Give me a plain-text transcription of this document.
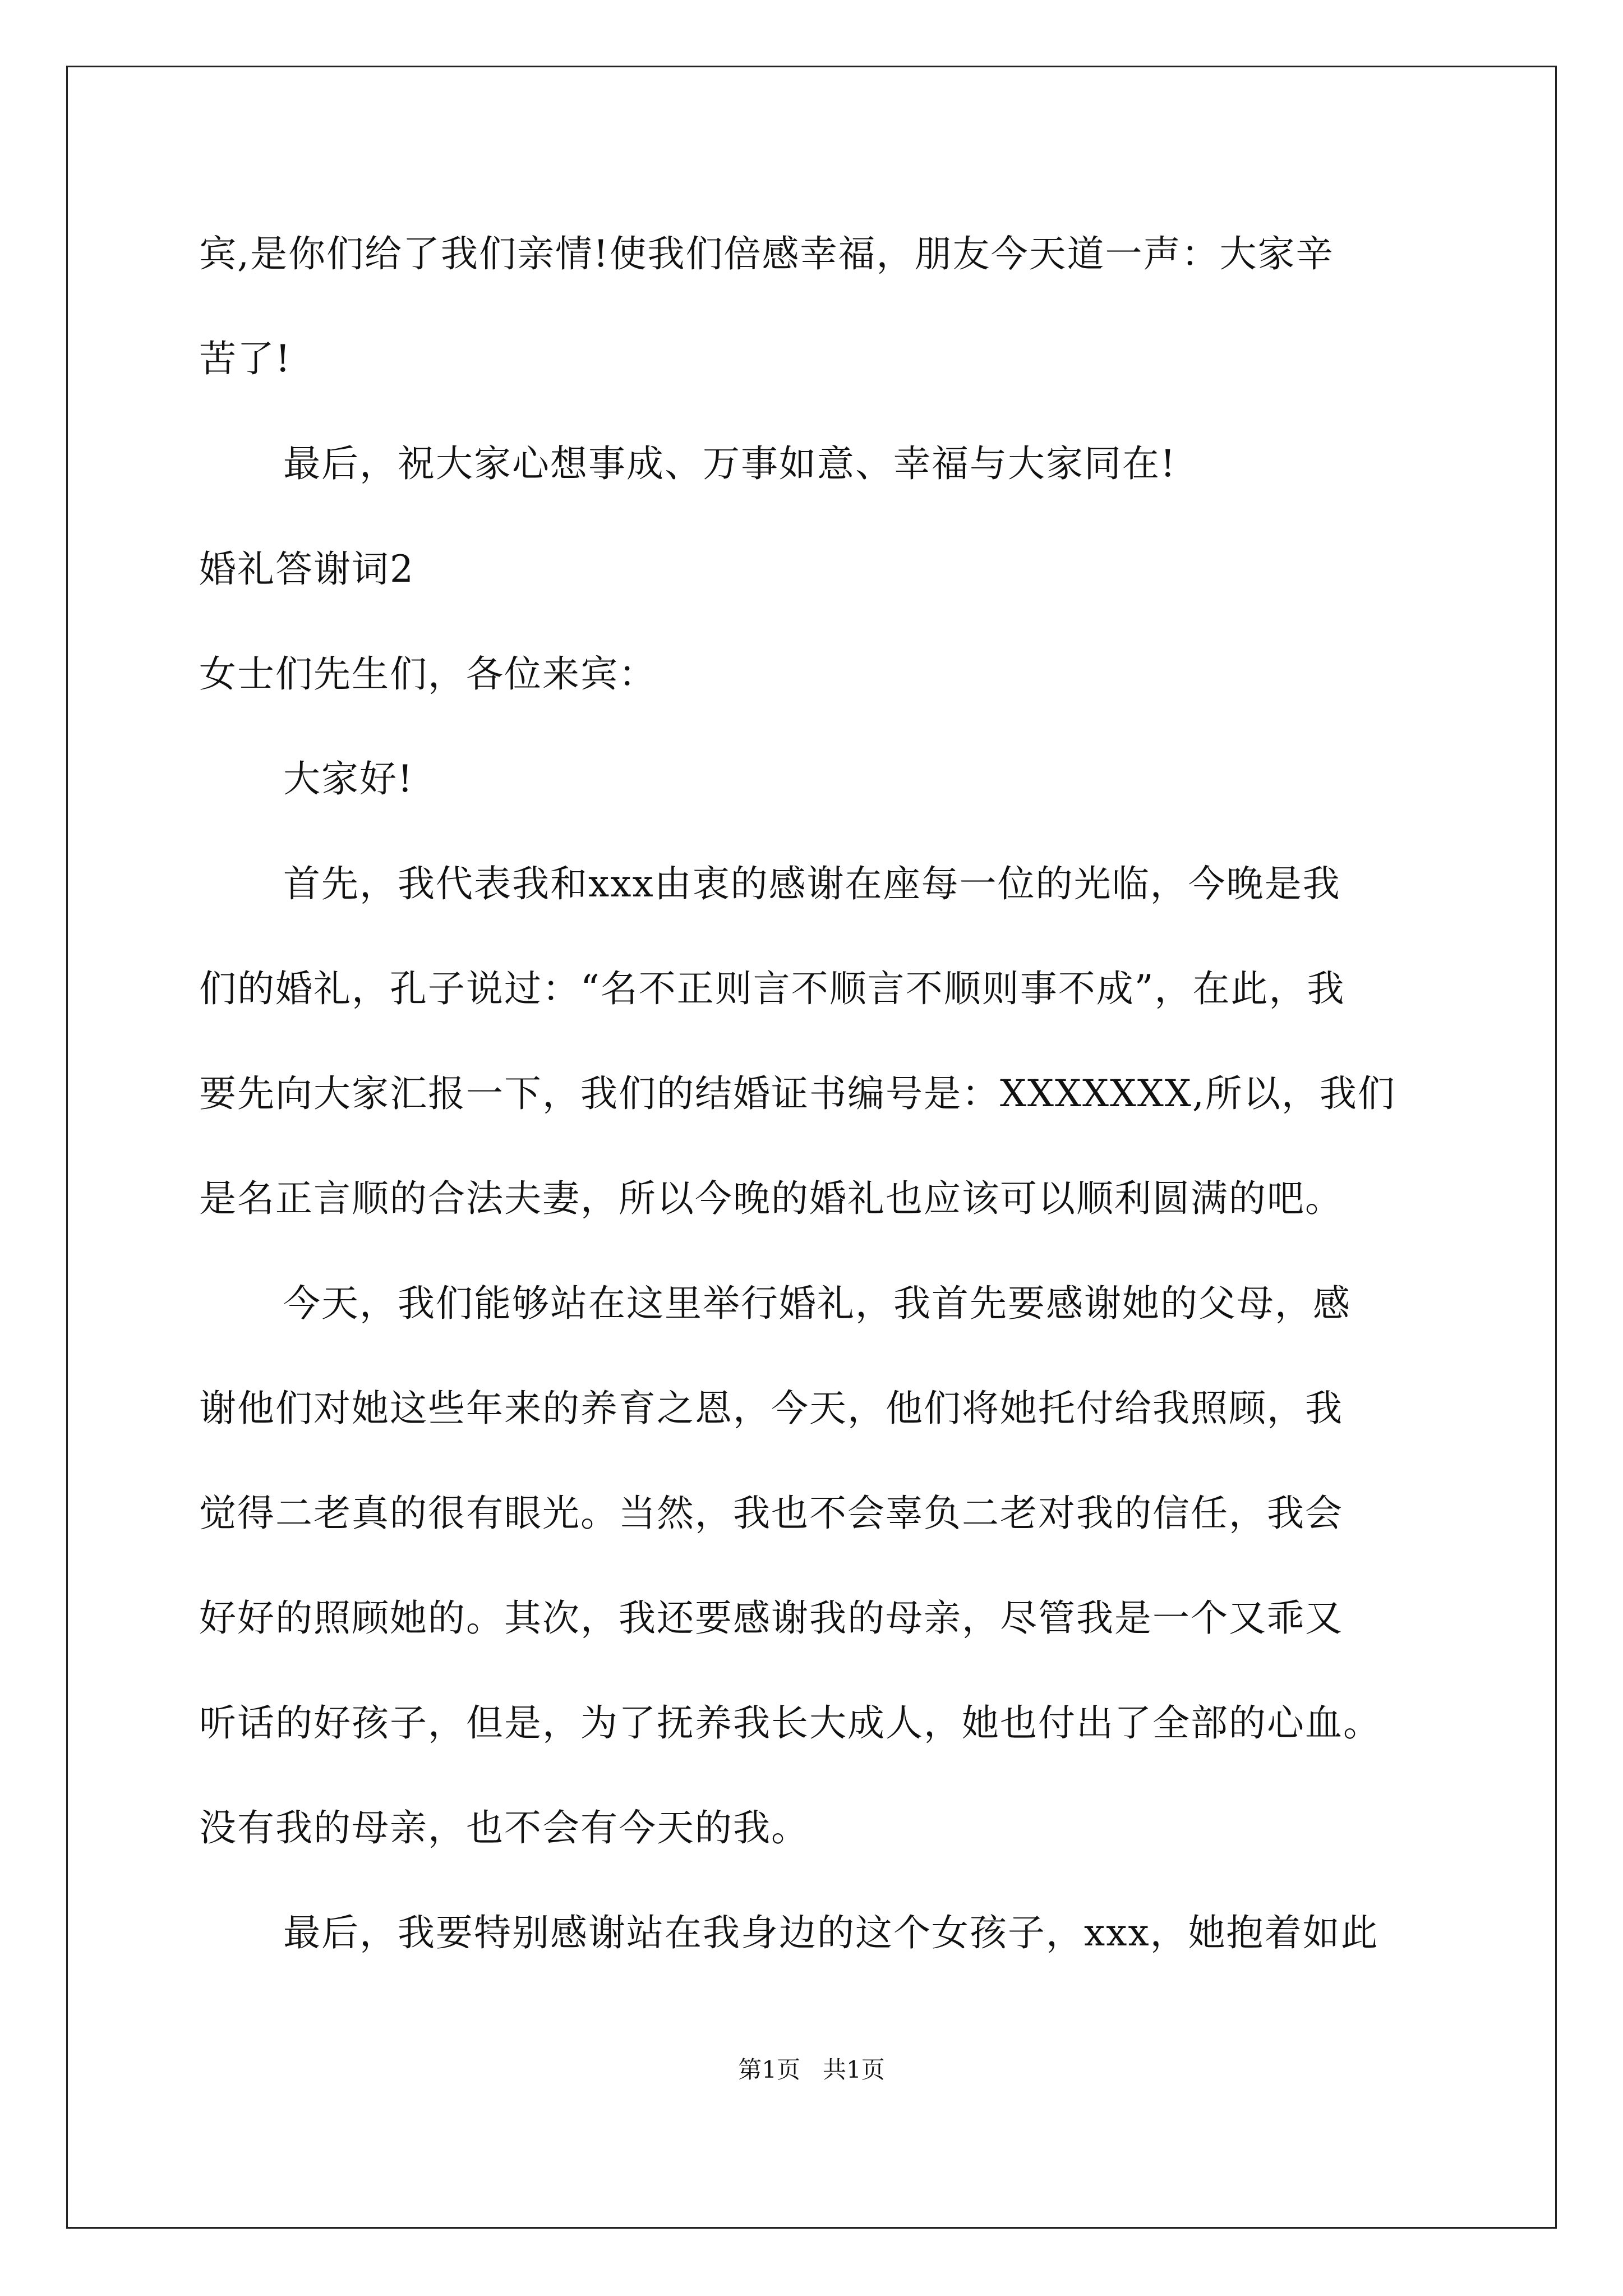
宾,是你们给了我们亲情!使我们倍感幸福，朋友今天道一声：大家辛
苦了!
最后，祝大家心想事成、万事如意、幸福与大家同在!
婚礼答谢词2
女士们先生们，各位来宾：
大家好!
首先，我代表我和xxx由衷的感谢在座每一位的光临，今晚是我
们的婚礼，孔子说过：“名不正则言不顺言不顺则事不成”，在此，我
要先向大家汇报一下，我们的结婚证书编号是：XXXXXXX,所以，我们
是名正言顺的合法夫妻，所以今晚的婚礼也应该可以顺利圆满的吧。
今天，我们能够站在这里举行婚礼，我首先要感谢她的父母，感
谢他们对她这些年来的养育之恩，今天，他们将她托付给我照顾，我
觉得二老真的很有眼光。当然，我也不会辜负二老对我的信任，我会
好好的照顾她的。其次，我还要感谢我的母亲，尽管我是一个又乖又
听话的好孩子，但是，为了抚养我长大成人，她也付出了全部的心血。
没有我的母亲，也不会有今天的我。
最后，我要特别感谢站在我身边的这个女孩子，xxx，她抱着如此
第1页   共1页
